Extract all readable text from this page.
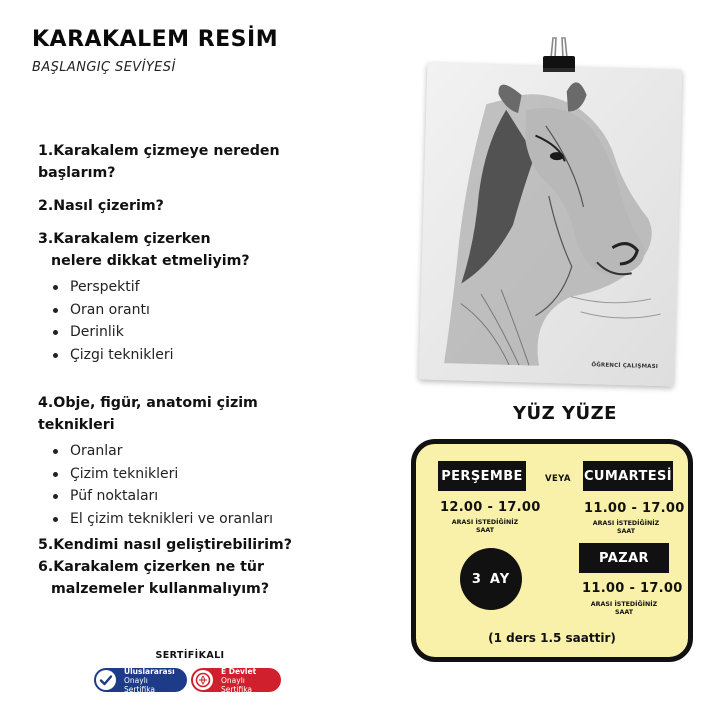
KARAKALEM RESİM
BAŞLANGIÇ SEVİYESİ
1.Karakalem çizmeye nereden
başlarım?
2.Nasıl çizerim?
3.Karakalem çizerken
nelere dikkat etmeliyim?
Perspektif
Oran orantı
Derinlik
Çizgi teknikleri
4.Obje, figür, anatomi çizim
teknikleri
Oranlar
Çizim teknikleri
Püf noktaları
El çizim teknikleri ve oranları
5.Kendimi nasıl geliştirebilirim?
6.Karakalem çizerken ne tür
malzemeler kullanmalıyım?
SERTİFİKALI
Uluslararası
Onaylı Sertifika
E Devlet
Onaylı Sertifika
ÖĞRENCİ ÇALIŞMASI
YÜZ YÜZE
PERŞEMBE	VEYA CUMARTESİ
12.00 - 17.00	11.00 - 17.00
ARASI İSTEDİĞİNİZ
SAAT
ARASI İSTEDİĞİNİZ
SAAT
PAZAR
3 AY
11.00 - 17.00
ARASI İSTEDİĞİNİZ
SAAT
(1 ders 1.5 saattir)
